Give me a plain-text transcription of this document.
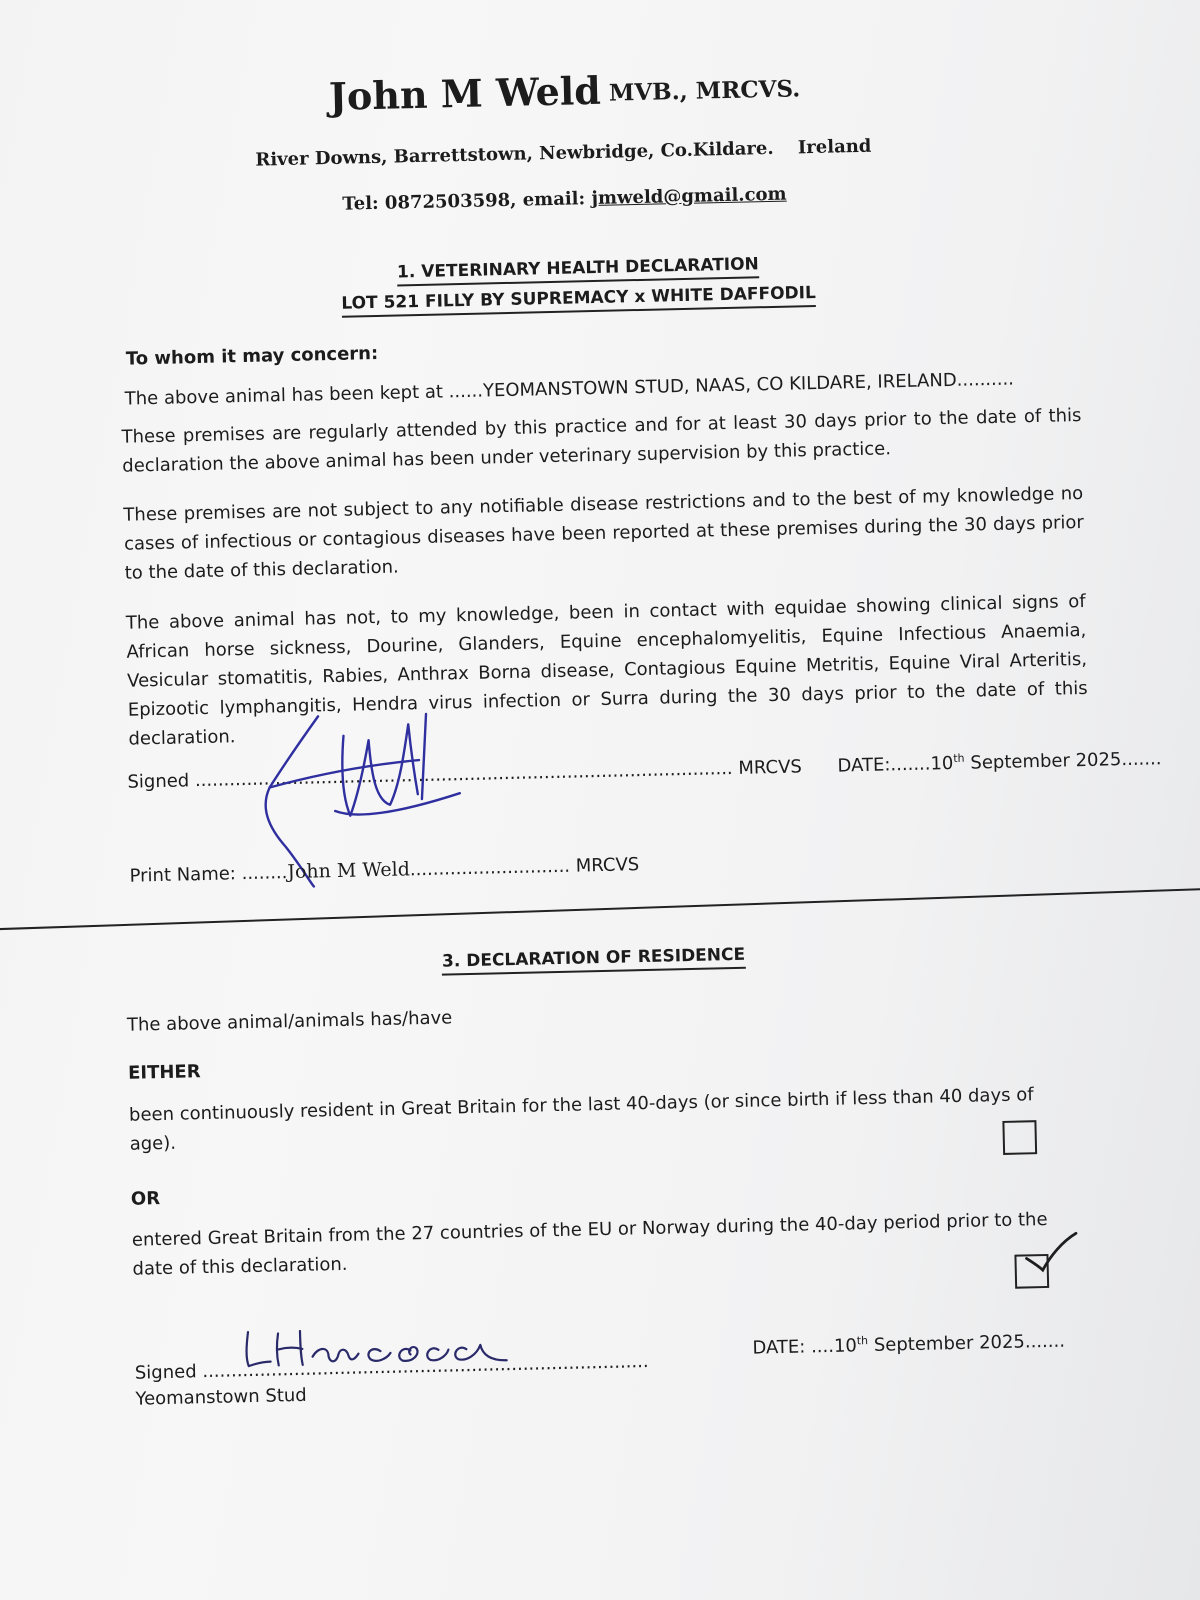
John M Weld MVB., MRCVS.
River Downs, Barrettstown, Newbridge, Co.Kildare. Ireland
Tel: 0872503598, email: jmweld@gmail.com
1. VETERINARY HEALTH DECLARATION
LOT 521 FILLY BY SUPREMACY x WHITE DAFFODIL
To whom it may concern:
The above animal has been kept at ......YEOMANSTOWN STUD, NAAS, CO KILDARE, IRELAND..........
These premises are regularly attended by this practice and for at least 30 days prior to the date of this declaration the above animal has been under veterinary supervision by this practice.
These premises are not subject to any notifiable disease restrictions and to the best of my knowledge no cases of infectious or contagious diseases have been reported at these premises during the 30 days prior to the date of this declaration.
The above animal has not, to my knowledge, been in contact with equidae showing clinical signs of African horse sickness, Dourine, Glanders, Equine encephalomyelitis, Equine Infectious Anaemia, Vesicular stomatitis, Rabies, Anthrax Borna disease, Contagious Equine Metritis, Equine Viral Arteritis, Epizootic lymphangitis, Hendra virus infection or Surra during the 30 days prior to the date of this declaration.
Signed .............................................................................................. MRCVS DATE:.......10th September 2025.......
Print Name: ........John M Weld............................ MRCVS
3. DECLARATION OF RESIDENCE
The above animal/animals has/have
EITHER
been continuously resident in Great Britain for the last 40-days (or since birth if less than 40 days of age).
OR
entered Great Britain from the 27 countries of the EU or Norway during the 40-day period prior to the date of this declaration.
Signed ..............................................................................
DATE: ....10th September 2025.......
Yeomanstown Stud
